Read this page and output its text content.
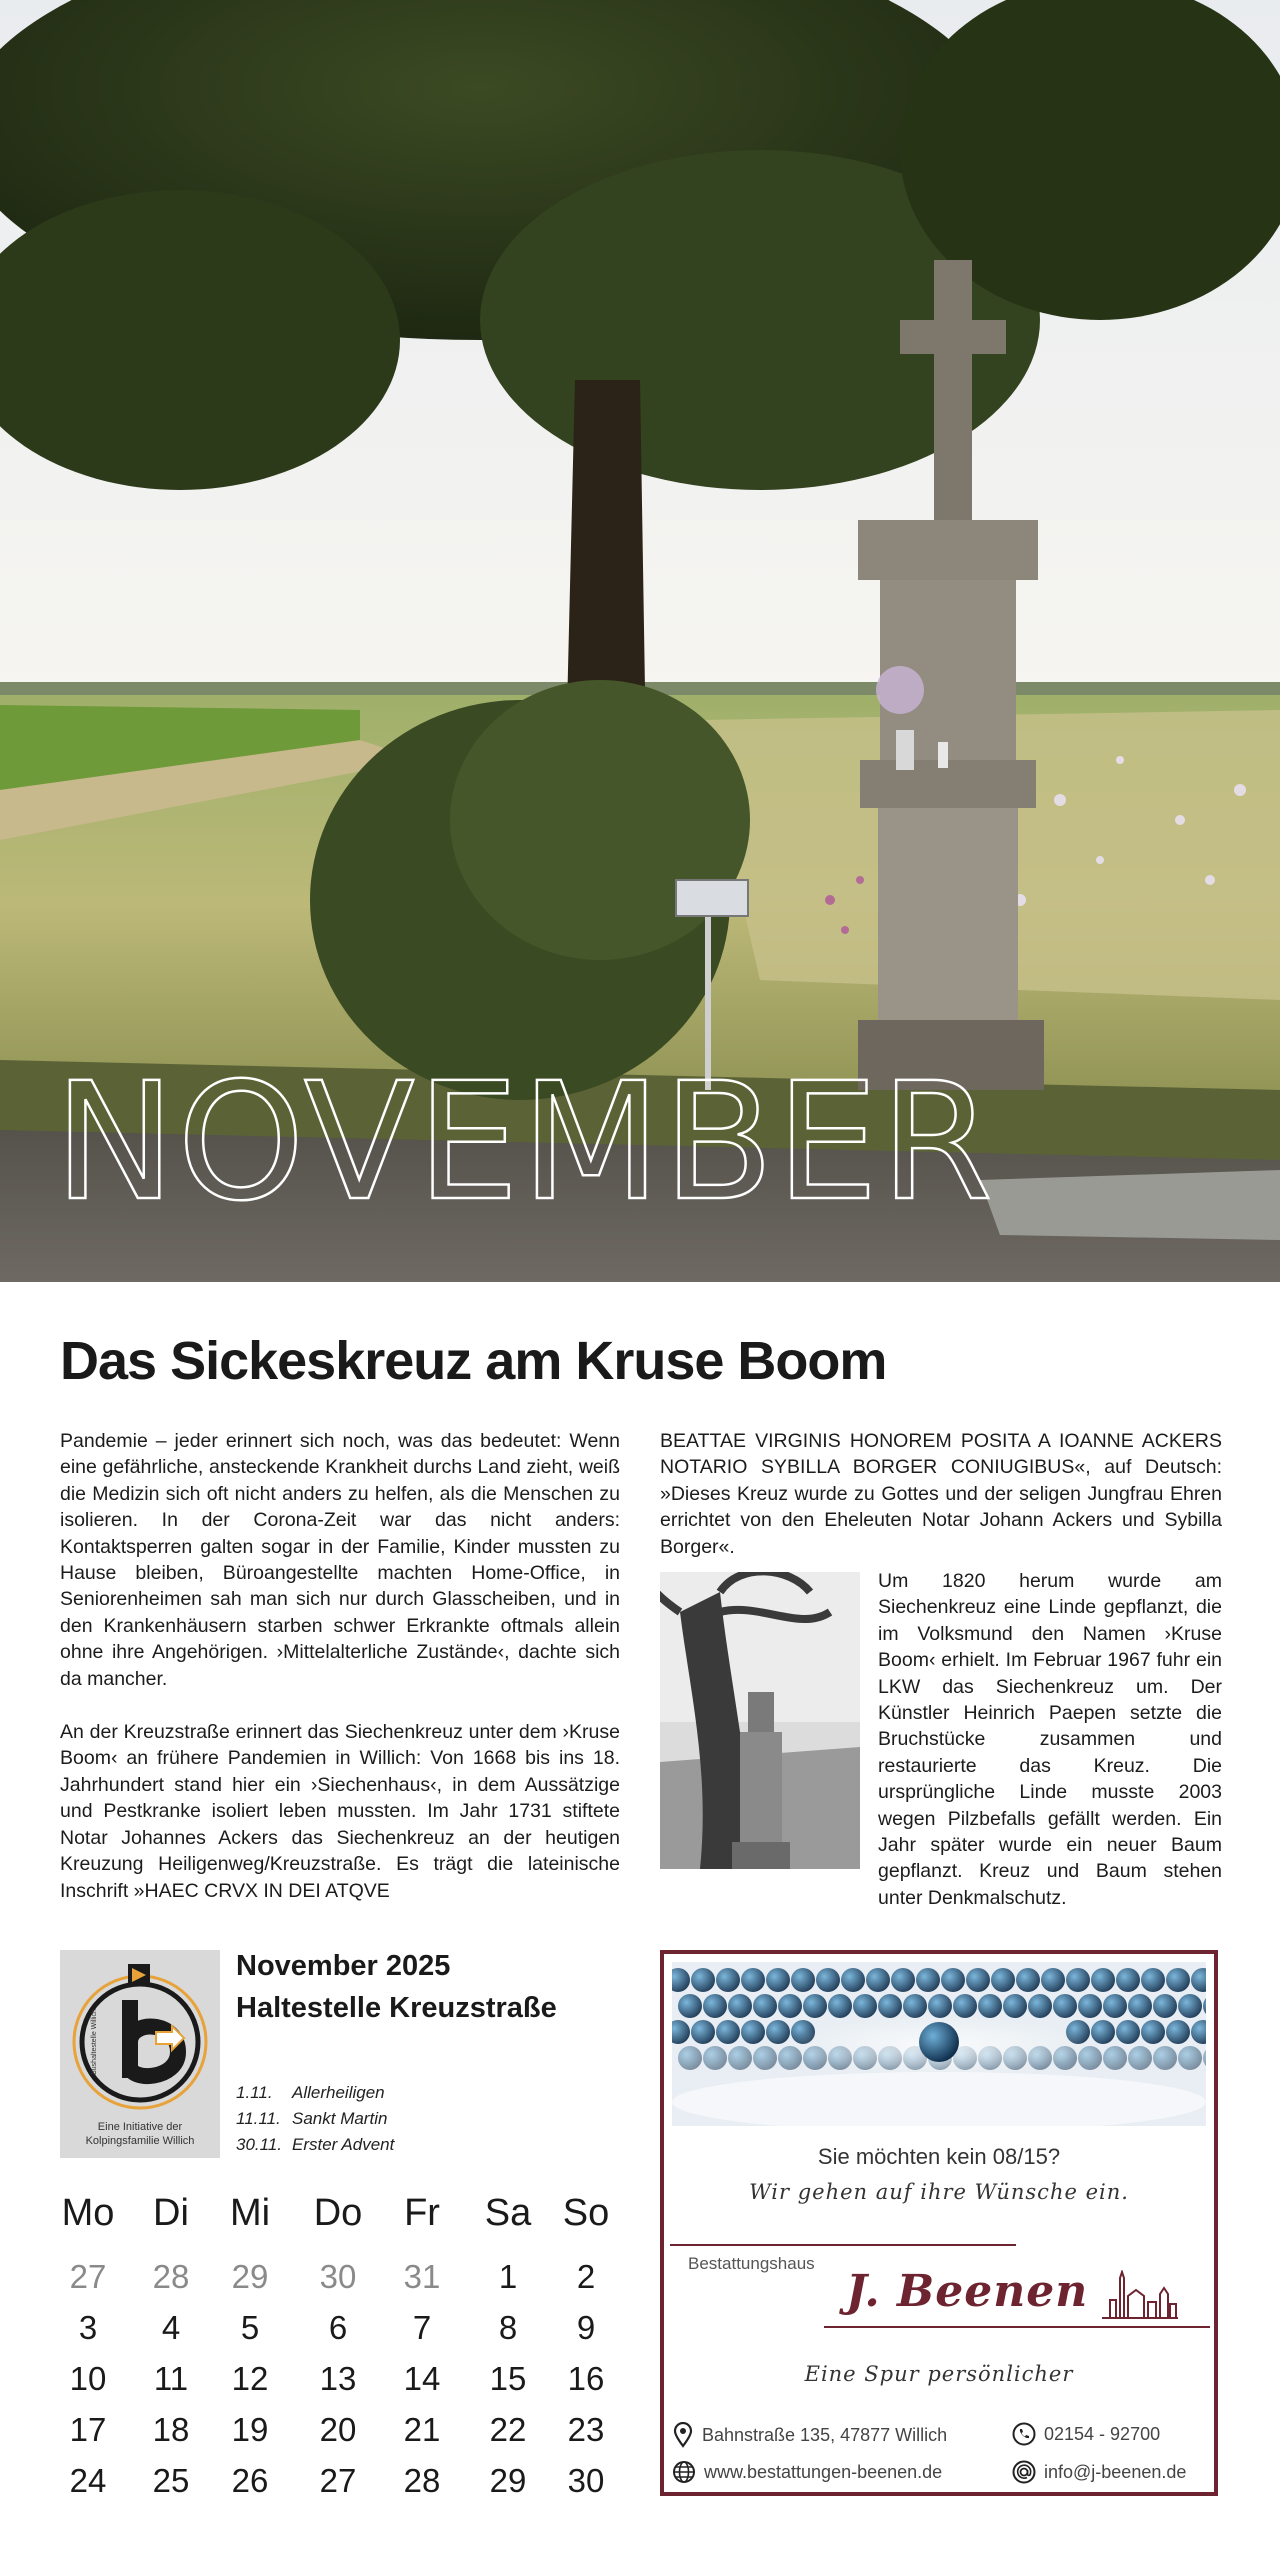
NOVEMBER
Das Sickeskreuz am Kruse Boom

Pandemie – jeder erinnert sich noch, was das bedeutet: Wenn eine gefährliche, ansteckende Krankheit durchs Land zieht, weiß die Medizin sich oft nicht anders zu helfen, als die Menschen zu isolieren. In der Corona-Zeit war das nicht anders: Kontaktsperren galten sogar in der Familie, Kinder mussten zu Hause bleiben, Büroangestellte machten Home-Office, in Seniorenheimen sah man sich nur durch Glasscheiben, und in den Krankenhäusern starben schwer Erkrankte oftmals allein ohne ihre Angehörigen. ›Mittelalterliche Zustände‹, dachte sich da mancher.

An der Kreuzstraße erinnert das Siechenkreuz unter dem ›Kruse Boom‹ an frühere Pandemien in Willich: Von 1668 bis ins 18. Jahrhundert stand hier ein ›Siechenhaus‹, in dem Aussätzige und Pestkranke isoliert leben mussten. Im Jahr 1731 stiftete Notar Johannes Ackers das Siechenkreuz an der heutigen Kreuzung Heiligenweg/Kreuzstraße. Es trägt die lateinische Inschrift »HAEC CRVX IN DEI ATQVE

BEATTAE VIRGINIS HONOREM POSITA A IOANNE ACKERS NOTARIO SYBILLA BORGER CONIUGIBUS«, auf Deutsch: »Dieses Kreuz wurde zu Gottes und der seligen Jungfrau Ehren errichtet von den Eheleuten Notar Johann Ackers und Sybilla Borger«.

Um 1820 herum wurde am Siechenkreuz eine Linde gepflanzt, die im Volksmund den Namen ›Kruse Boom‹ erhielt. Im Februar 1967 fuhr ein LKW das Siechenkreuz um. Der Künstler Heinrich Paepen setzte die Bruchstücke zusammen und restaurierte das Kreuz. Die ursprüngliche Linde musste 2003 wegen Pilzbefalls gefällt werden. Ein Jahr später wurde ein neuer Baum gepflanzt. Kreuz und Baum stehen unter Denkmalschutz.

Bushaltestelle Willich
Eine Initiative der
Kolpingsfamilie Willich
November 2025
Haltestelle Kreuzstraße
1.11. Allerheiligen
11.11. Sankt Martin
30.11. Erster Advent
Mo	Di	Mi	Do	Fr	Sa So
27	28	29	30	31	1	2
3	4	5	6	7	8	9
10	11	12	13	14	15	16
17	18	19	20	21	22	23
24	25	26	27	28	29	30
Sie möchten kein 08/15?
Wir gehen auf ihre Wünsche ein.
Bestattungshaus
J. Beenen
Eine Spur persönlicher
Bahnstraße 135, 47877 Willich	02154 - 92700
www.bestattungen-beenen.de	info@j-beenen.de
